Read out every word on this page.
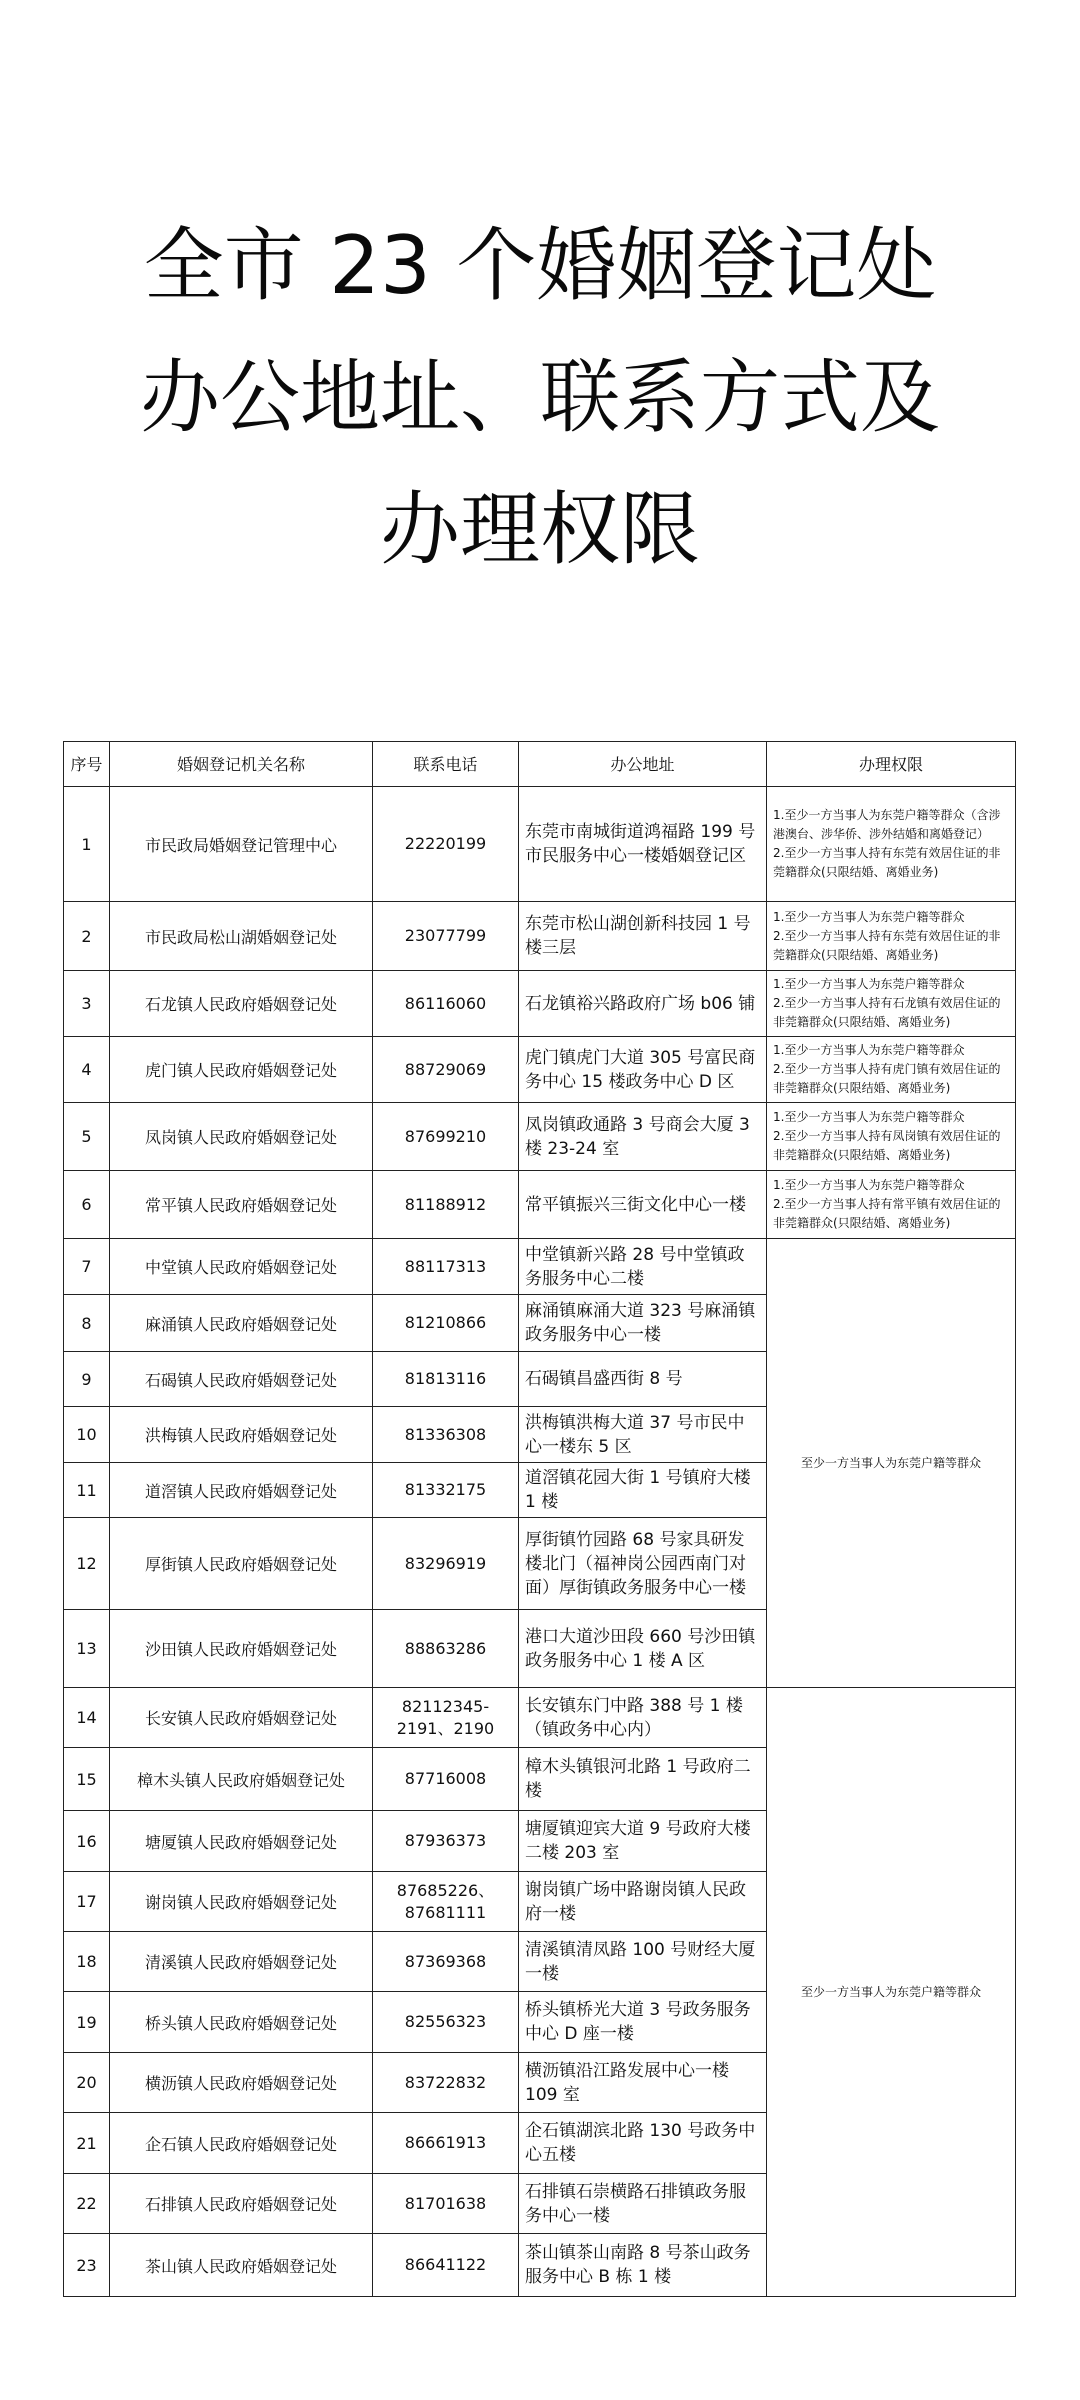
全市 23 个婚姻登记处
办公地址、联系方式及
办理权限
序号	婚姻登记机关名称	联系电话	办公地址	办理权限
1	市民政局婚姻登记管理中心	22220199	东莞市南城街道鸿福路 199 号市民服务中心一楼婚姻登记区	1.至少一方当事人为东莞户籍等群众（含涉港澳台、涉华侨、涉外结婚和离婚登记）
2.至少一方当事人持有东莞有效居住证的非莞籍群众(只限结婚、离婚业务)

2	市民政局松山湖婚姻登记处	23077799	东莞市松山湖创新科技园 1 号楼三层	1.至少一方当事人为东莞户籍等群众
2.至少一方当事人持有东莞有效居住证的非莞籍群众(只限结婚、离婚业务)

3	石龙镇人民政府婚姻登记处	86116060	石龙镇裕兴路政府广场 b06 铺	1.至少一方当事人为东莞户籍等群众
2.至少一方当事人持有石龙镇有效居住证的非莞籍群众(只限结婚、离婚业务)

4	虎门镇人民政府婚姻登记处	88729069	虎门镇虎门大道 305 号富民商务中心 15 楼政务中心 D 区	1.至少一方当事人为东莞户籍等群众
2.至少一方当事人持有虎门镇有效居住证的非莞籍群众(只限结婚、离婚业务)

5	凤岗镇人民政府婚姻登记处	87699210	凤岗镇政通路 3 号商会大厦 3 楼 23-24 室	1.至少一方当事人为东莞户籍等群众
2.至少一方当事人持有凤岗镇有效居住证的非莞籍群众(只限结婚、离婚业务)

6	常平镇人民政府婚姻登记处	81188912	常平镇振兴三街文化中心一楼	1.至少一方当事人为东莞户籍等群众
2.至少一方当事人持有常平镇有效居住证的非莞籍群众(只限结婚、离婚业务)

7	中堂镇人民政府婚姻登记处	88117313	中堂镇新兴路 28 号中堂镇政务服务中心二楼	至少一方当事人为东莞户籍等群众
8	麻涌镇人民政府婚姻登记处	81210866	麻涌镇麻涌大道 323 号麻涌镇政务服务中心一楼	
9	石碣镇人民政府婚姻登记处	81813116	石碣镇昌盛西街 8 号	
10	洪梅镇人民政府婚姻登记处	81336308	洪梅镇洪梅大道 37 号市民中心一楼东 5 区	
11	道滘镇人民政府婚姻登记处	81332175	道滘镇花园大街 1 号镇府大楼 1 楼	
12	厚街镇人民政府婚姻登记处	83296919	厚街镇竹园路 68 号家具研发楼北门（福神岗公园西南门对面）厚街镇政务服务中心一楼	
13	沙田镇人民政府婚姻登记处	88863286	港口大道沙田段 660 号沙田镇政务服务中心 1 楼 A 区	
14	长安镇人民政府婚姻登记处	82112345-2191、2190	长安镇东门中路 388 号 1 楼（镇政务中心内）	至少一方当事人为东莞户籍等群众
15	樟木头镇人民政府婚姻登记处	87716008	樟木头镇银河北路 1 号政府二楼	
16	塘厦镇人民政府婚姻登记处	87936373	塘厦镇迎宾大道 9 号政府大楼二楼 203 室	
17	谢岗镇人民政府婚姻登记处	87685226、87681111	谢岗镇广场中路谢岗镇人民政府一楼	
18	清溪镇人民政府婚姻登记处	87369368	清溪镇清凤路 100 号财经大厦一楼	
19	桥头镇人民政府婚姻登记处	82556323	桥头镇桥光大道 3 号政务服务中心 D 座一楼	
20	横沥镇人民政府婚姻登记处	83722832	横沥镇沿江路发展中心一楼 109 室	
21	企石镇人民政府婚姻登记处	86661913	企石镇湖滨北路 130 号政务中心五楼	
22	石排镇人民政府婚姻登记处	81701638	石排镇石崇横路石排镇政务服务中心一楼	
23	茶山镇人民政府婚姻登记处	86641122	茶山镇茶山南路 8 号茶山政务服务中心 B 栋 1 楼	
